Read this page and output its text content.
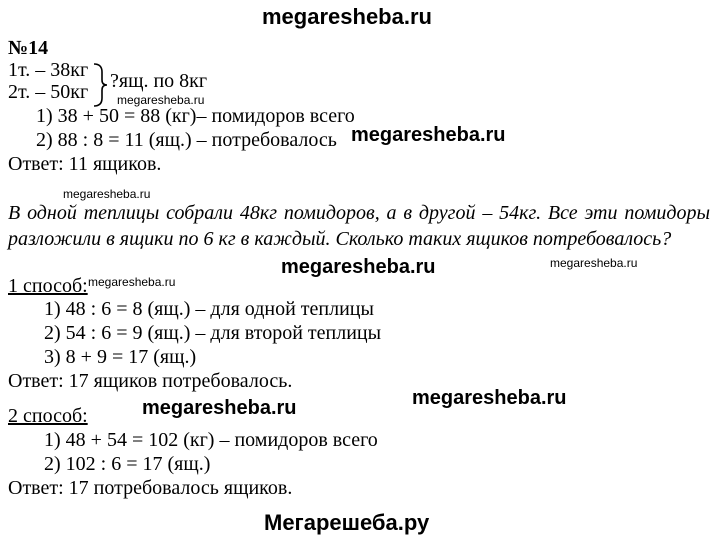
megaresheba.ru
№14
1т. – 38кг
2т. – 50кг ?ящ. по 8кг
megaresheba.ru
1) 38 + 50 = 88 (кг)– помидоров всего
2) 88 : 8 = 11 (ящ.) – потребовалось megaresheba.ru
Ответ: 11 ящиков.
megaresheba.ru
В одной теплицы собрали 48кг помидоров, а в другой – 54кг. Все эти помидоры разложили в ящики по 6 кг в каждый. Сколько таких ящиков потребовалось?
megaresheba.ru	megaresheba.ru
1 способ: megaresheba.ru
1) 48 : 6 = 8 (ящ.) – для одной теплицы
2) 54 : 6 = 9 (ящ.) – для второй теплицы
3) 8 + 9 = 17 (ящ.)
Ответ: 17 ящиков потребовалось.
megaresheba.ru
megaresheba.ru
2 способ:
1) 48 + 54 = 102 (кг) – помидоров всего
2) 102 : 6 = 17 (ящ.)
Ответ: 17 потребовалось ящиков.
Мегарешеба.ру
